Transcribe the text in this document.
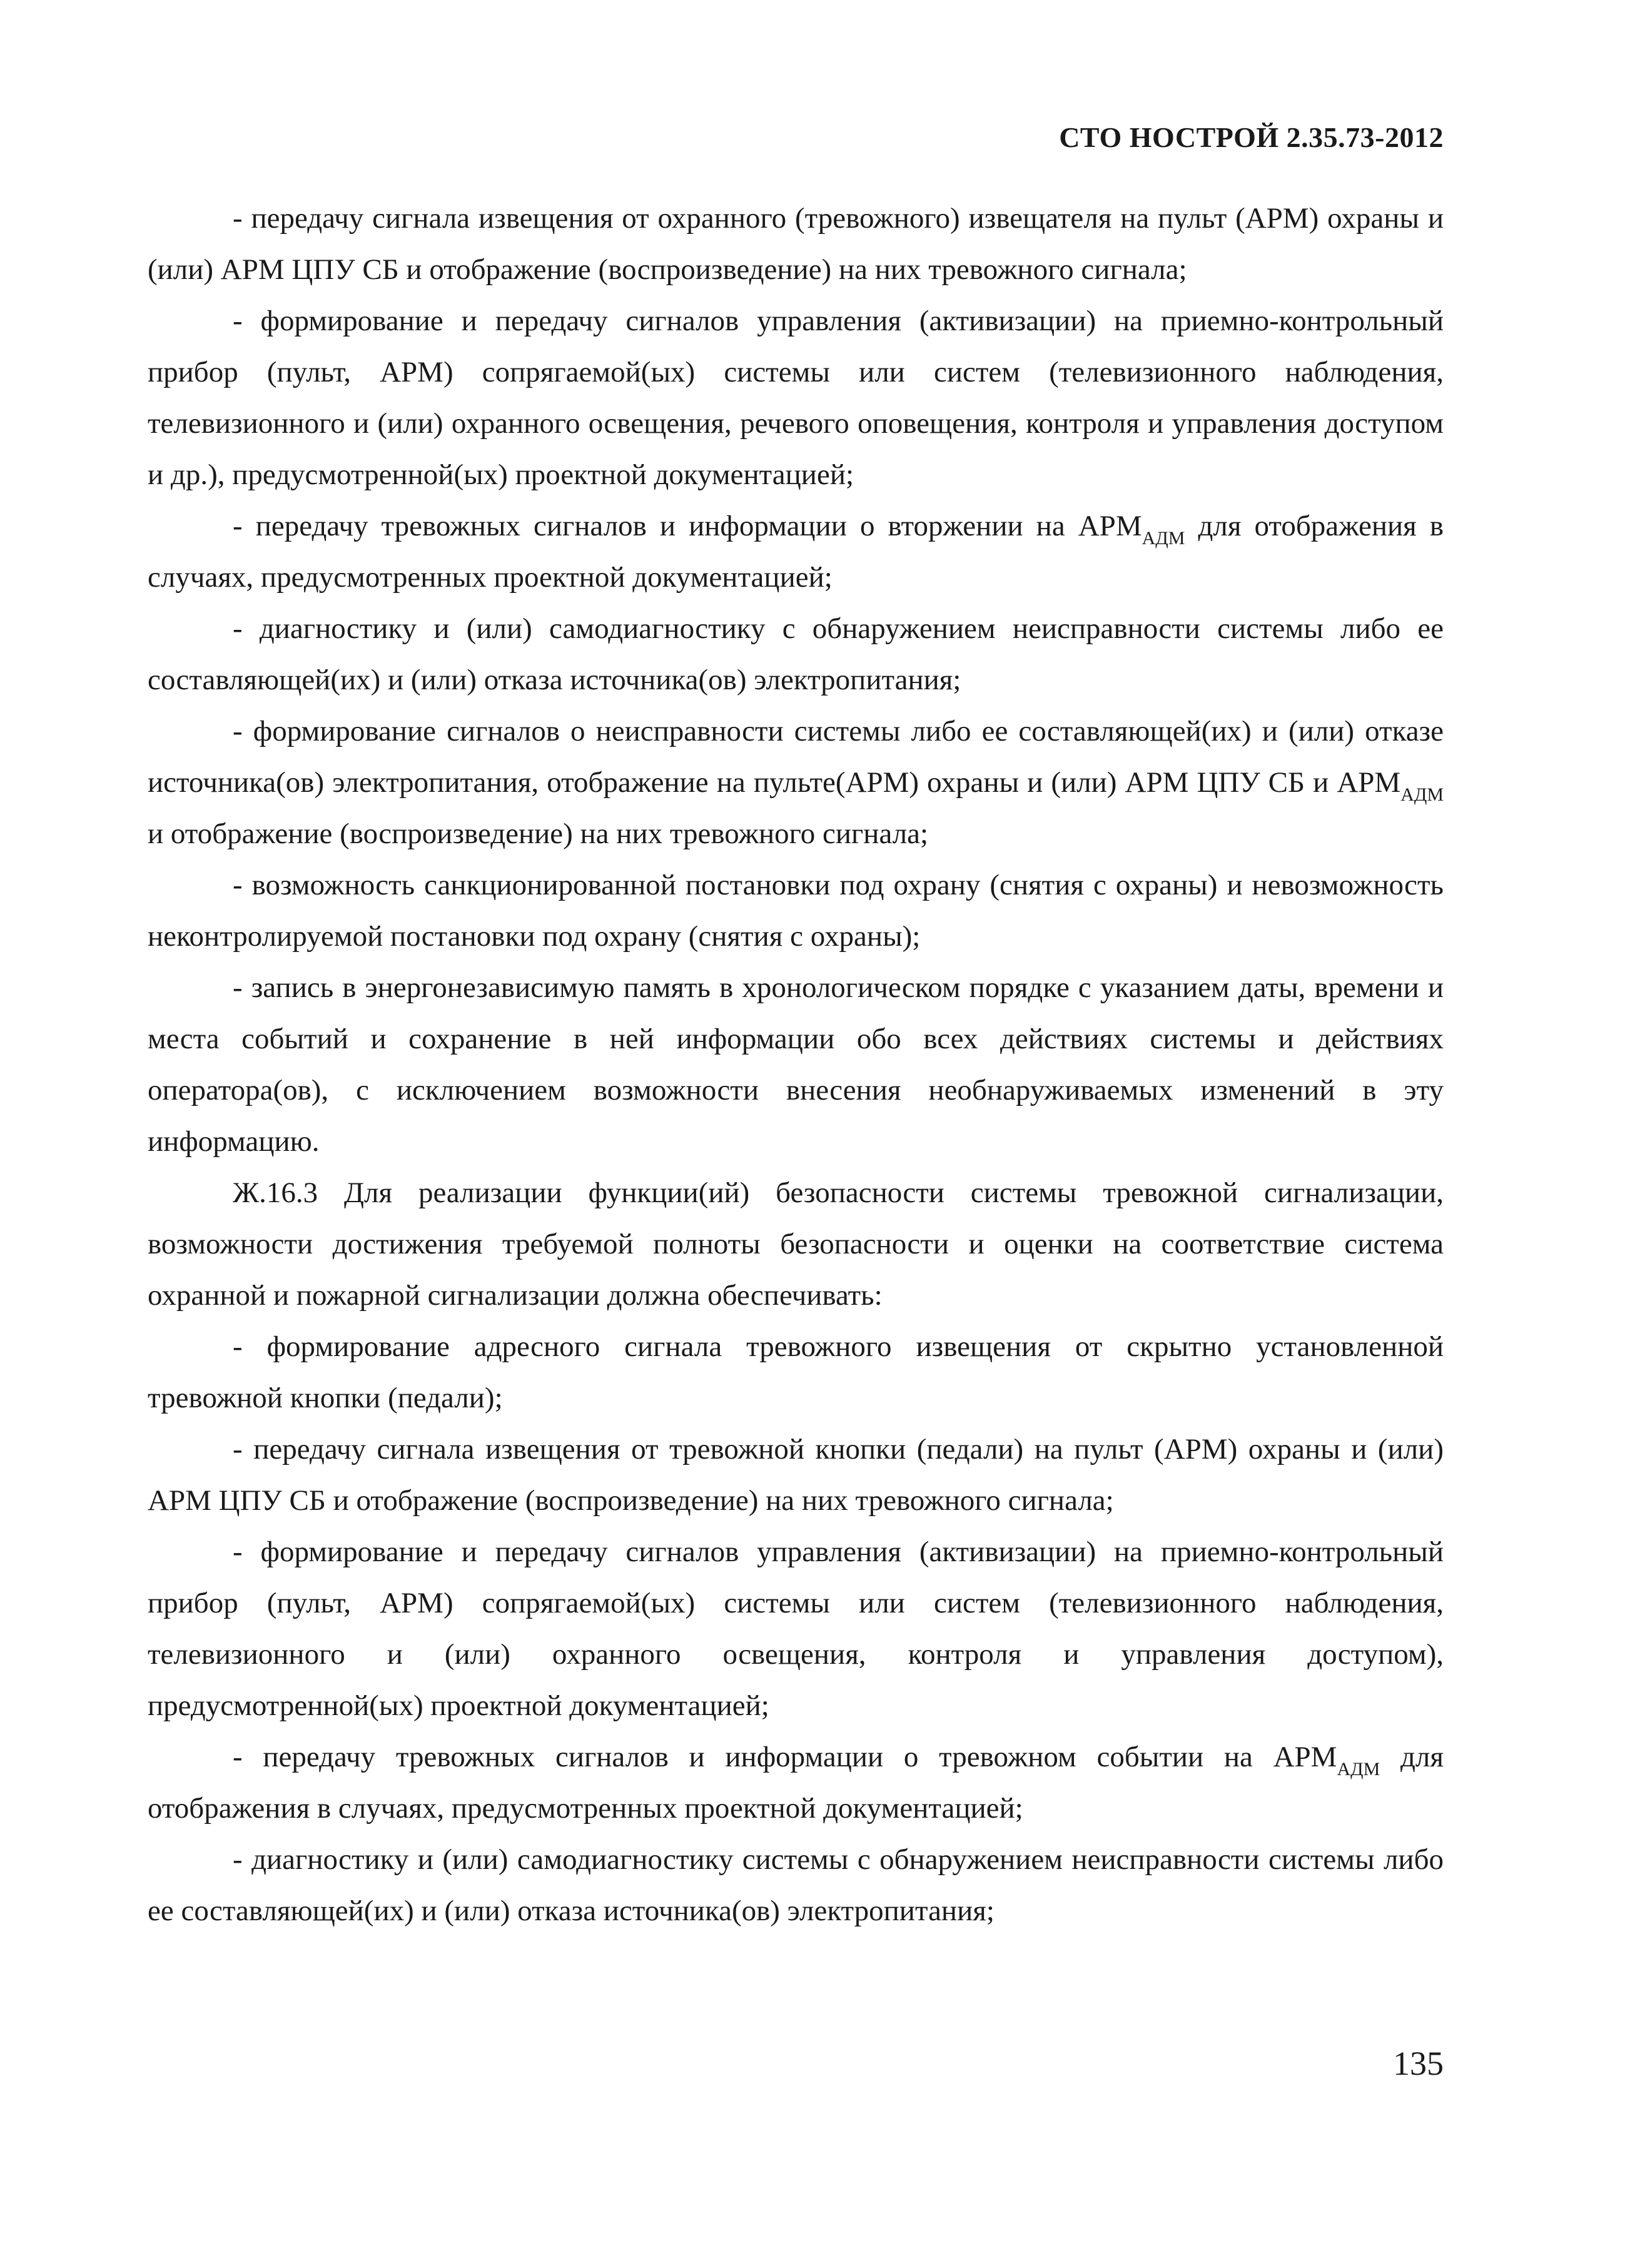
СТО НОСТРОЙ 2.35.73-2012

- передачу сигнала извещения от охранного (тревожного) извещателя на пульт (АРМ) охраны и (или) АРМ ЦПУ СБ и отображение (воспроизведение) на них тревожного сигнала;

- формирование и передачу сигналов управления (активизации) на приемно-контрольный прибор (пульт, АРМ) сопрягаемой(ых) системы или систем (телевизионного наблюдения, телевизионного и (или) охранного освещения, речевого оповещения, контроля и управления доступом и др.), предусмотренной(ых) проектной документацией;

- передачу тревожных сигналов и информации о вторжении на $АРМ_{АДМ}$ для отображения в случаях, предусмотренных проектной документацией;

- диагностику и (или) самодиагностику с обнаружением неисправности системы либо ее составляющей(их) и (или) отказа источника(ов) электропитания;

- формирование сигналов о неисправности системы либо ее составляющей(их) и (или) отказе источника(ов) электропитания, отображение на пульте(АРМ) охраны и (или) АРМ ЦПУ СБ и $АРМ_{АДМ}$ и отображение (воспроизведение) на них тревожного сигнала;

- возможность санкционированной постановки под охрану (снятия с охраны) и невозможность неконтролируемой постановки под охрану (снятия с охраны);

- запись в энергонезависимую память в хронологическом порядке с указанием даты, времени и места событий и сохранение в ней информации обо всех действиях системы и действиях оператора(ов), с исключением возможности внесения необнаруживаемых изменений в эту информацию.

Ж.16.3 Для реализации функции(ий) безопасности системы тревожной сигнализации, возможности достижения требуемой полноты безопасности и оценки на соответствие система охранной и пожарной сигнализации должна обеспечивать:

- формирование адресного сигнала тревожного извещения от скрытно установленной тревожной кнопки (педали);

- передачу сигнала извещения от тревожной кнопки (педали) на пульт (АРМ) охраны и (или) АРМ ЦПУ СБ и отображение (воспроизведение) на них тревожного сигнала;

- формирование и передачу сигналов управления (активизации) на приемно-контрольный прибор (пульт, АРМ) сопрягаемой(ых) системы или систем (телевизионного наблюдения, телевизионного и (или) охранного освещения, контроля и управления доступом), предусмотренной(ых) проектной документацией;

- передачу тревожных сигналов и информации о тревожном событии на $АРМ_{АДМ}$ для отображения в случаях, предусмотренных проектной документацией;

- диагностику и (или) самодиагностику системы с обнаружением неисправности системы либо ее составляющей(их) и (или) отказа источника(ов) электропитания;

135
